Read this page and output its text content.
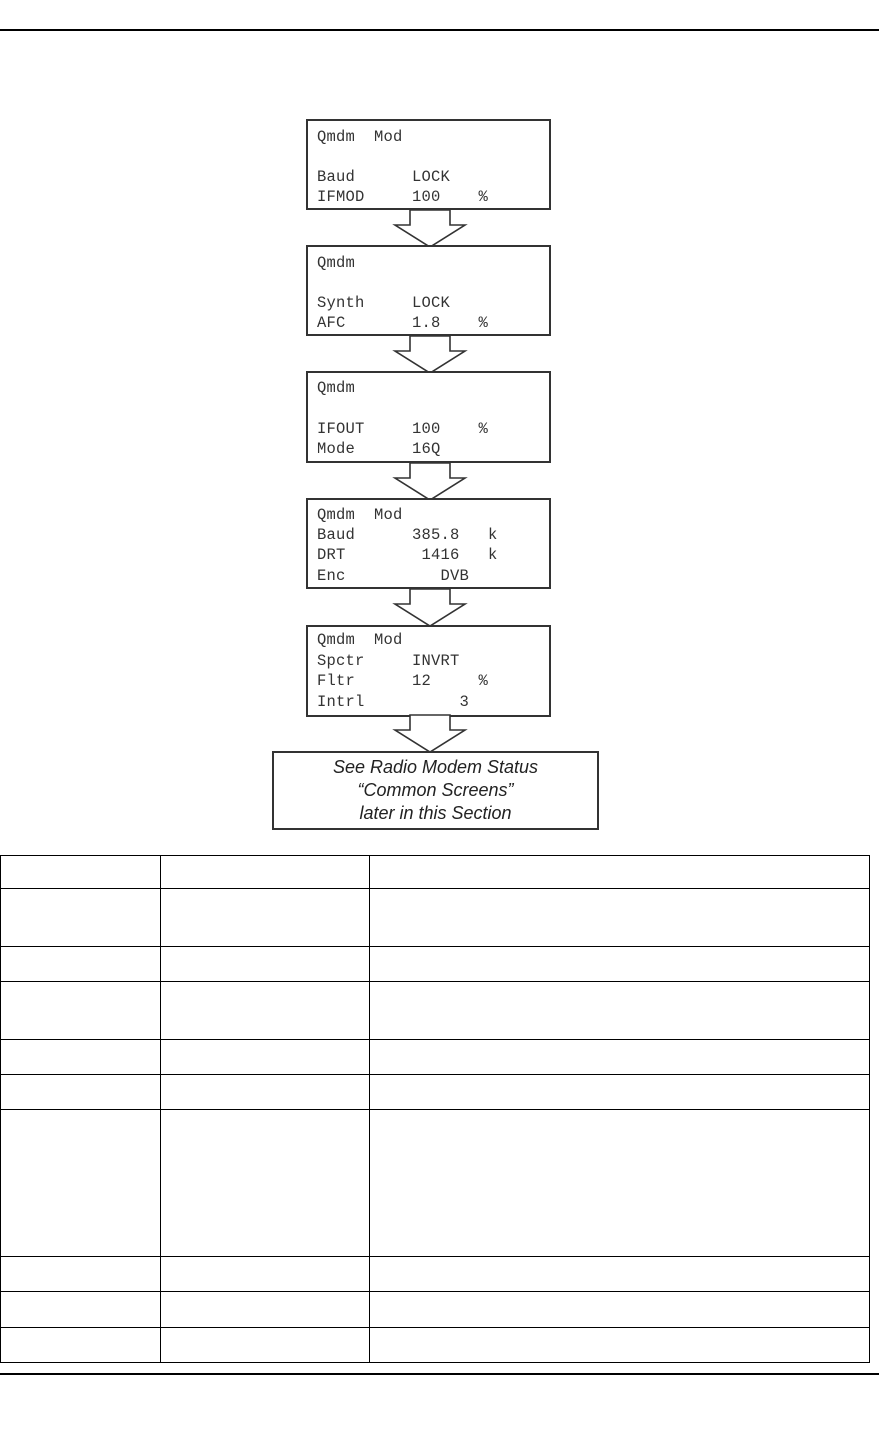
Qmdm  Mod
Baud      LOCK
IFMOD     100    %
Qmdm
Synth     LOCK
AFC       1.8    %
Qmdm
IFOUT     100    %
Mode      16Q
Qmdm  Mod
Baud      385.8   k
DRT        1416   k
Enc          DVB
Qmdm  Mod
Spctr     INVRT
Fltr      12     %
Intrl          3
See Radio Modem Status
“Common Screens”
later in this Section
